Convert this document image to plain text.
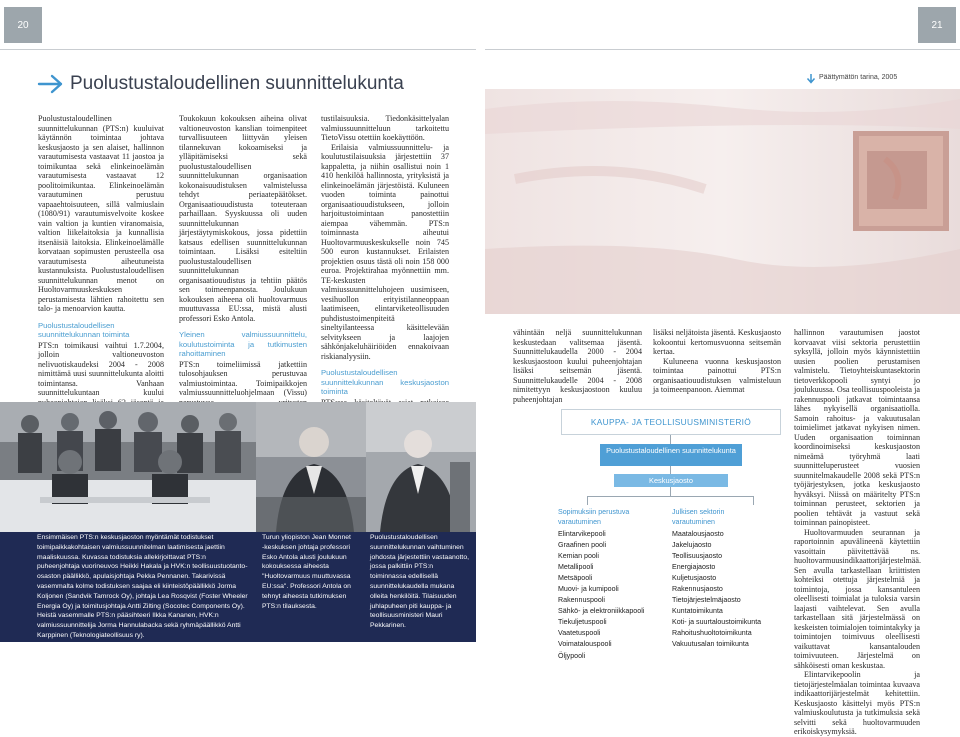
20	21
Puolustustaloudellinen suunnittelukunta	Päättymätön tarina, 2005

Puolustustaloudellinen suunnittelukunnan (PTS:n) kuuluivat käytännön toimintaa johtava keskusjaosto ja sen alaiset, hallinnon varautumisesta vastaavat 11 jaostoa ja toimikuntaa sekä elinkeinoelämän varautumisesta vastaavat 12 poolitoimikuntaa. Elinkeinoelämän varautuminen perustuu vapaaehtoisuuteen, sillä valmiuslain (1080/91) varautumisvelvoite koskee vain valtion ja kuntien viranomaisia, valtion liikelaitoksia ja kunnallisia itsenäisiä laitoksia. Elinkeinoelämälle korvataan sopimusten perusteella osa varautumisesta aiheutuneista kustannuksista. Puolustustaloudellisen suunnittelukunnan menot on Huoltovarmuuskeskuksen perustamisesta lähtien rahoitettu sen talo- ja menoarvion kautta.

Puolustustaloudellisen suunnittelukunnan toiminta

PTS:n toimikausi vaihtui 1.7.2004, jolloin valtioneuvoston nelivuotiskaudeksi 2004 - 2008 nimittämä uusi suunnittelukunta aloitti toimintansa. Vanhaan suunnittelukuntaan kuului

Toukokuun kokouksen aiheina olivat valtioneuvoston kanslian toimenpiteet turvallisuuteen liittyvän yleisen tilannekuvan kokoamiseksi ja ylläpitämiseksi sekä puolustustaloudellisen suunnittelukunnan organisaation kokonaisuudistuksen valmistelussa tehdyt periaatepäätökset. Organisaatiouudistusta toteuteraan parhaillaan. Syyskuussa oli uuden suunnittelukunnan järjestäytymiskokous, jossa pidettiin katsaus edellisen suunnittelukunnan toimintaan. Lisäksi esiteltiin puolustustaloudellisen suunnittelukunnan organisaatiouudistus ja tehtiin päätös sen toimeenpanosta. Joulukuun kokouksen aiheena oli huoltovarmuus muuttuvassa EU:ssa, mistä alusti professori Esko Antola.

Yleinen valmiussuunnittelu, koulutustoiminta ja tutkimusten rahoittaminen

PTS:n toimeliimissä jatkettiin tulosohjauksen perustuvaa valmiustoimintaa. Toimipaikkojen valmiussuunnitteluohjelmaan (Vissu)

tustilaisuuksia. Tiedonkäsittelyalan valmiussuunnitteluun tarkoitettu TietoVissu otettiin koekäyttöön.

Erilaisia valmiussuunnittelu- ja koulutustilaisuuksia järjestettiin 37 kappaletta, ja niihin osallistui noin 1 410 henkilöä hallinnosta, yrityksistä ja elinkeinoelämän järjestöistä. Kuluneen vuoden toiminta painottui organisaatiouudistukseen, jolloin harjoitustoimintaan panostettiin aiempaa vähemmän. PTS:n toiminnasta aiheutui Huoltovarmuuskeskukselle noin 745 500 euron kustannukset. Erilaisten projektien osuus tästä oli noin 158 000 euroa. Projektirahaa myönnettiin mm. TE-keskusten valmiussuunnitteluhojeen uusimiseen, vesihuollon erityistilanneoppaan laatimiseen, elintarviketeollisuuden puhdistustoimenpiteitä sineltyilanteessa käsittelevään selvitykseen ja laajojen sähkönjakeluhäiriöiden ennakoivaan riskianalyysiin.

Puolustustaloudellisen suunnittelukunnan keskusjaoston toiminta

vähintään neljä suunnittelukunnan keskustedaan valitsemaa jäsentä. Suunnittelukaudella 2000 - 2004 keskusjaostoon kuului puheenjohtajan lisäksi seitsemän jäsentä. Suunnittelukaudelle 2004 - 2008 nimitettyyn keskusjaostoon kuuluu puheenjohtajan

lisäksi neljätoista jäsentä. Keskusjaosto kokoontui kertomusvuonna seitsemän kertaa.

Kuluneena vuonna keskusjaoston toimintaa painottui PTS:n organisaatiouudistuksen valmisteluun ja toimeenpanoon. Aiemmat

hallinnon varautumisen jaostot korvaavat viisi sektoria perustettiin syksyllä, jolloin myös käynnistettiin uusien poolien perustamisen valmistelu. Tietoyhteiskuntasektorin tietoverkkopooli syntyi jo joulukuussa. Osa teollisuuspooleista ja rakennuspooli jatkavat toimintaansa lähes nykyisellä organisaatiolla. Samoin rahoitus- ja vakuutusalan toimielimet jatkavat nykyisen nimen. Uuden organisaation toiminnan koordinoimiseksi keskusjaoston nimeämä työryhmä laati suunnitteluperusteet vuosien suunnitelmakaudelle 2008 sekä PTS:n työjärjestyksen, jotka keskusjaosto hyväksyi. Niissä on määritelty PTS:n toiminnan perusteet, sektorien ja poolien tehtävät ja vastuut sekä toiminnan painopisteet.

Huoltovarmuuden seurannan ja raportoinnin apuvälineenä käytettiin vasoittain päivitettävää ns. huoltovarmuusindikaattorijärjestelmää. Sen avulla tarkastellaan kriittisten kohteiksi otettuja järjestelmiä ja toimintoja, jossa kansantuleen oleellisesti toimialat ja tuloksia varsin laajasti vaihtelevat. Sen avulla tarkastellaan sitä järjestelmässä on keskeisten toimialojen toimintakyky ja toimintojen toimivuus oleellisesti vaikuttavat kansantalouden toimivuuteen. Järjestelmä on sähköisesti oman keskustaa.

Elintarvikepoolin ja tietojärjestelmäalan toimintaa kuvaava indikaattorijärjestelmät kehitettiin. Keskusjaosto käsittelyi myös PTS:n valmiuskoulutusta ja tutkimuksia sekä selvitti sekä huoltovarmuuden erikoiskysymyksiä.

Ensimmäisen PTS:n keskusjaoston myöntämät todistukset toimipaikkakohtaisen valmiussuunnitelman laatimisesta jaettiin maaliskuussa. Kuvassa todistuksia allekirjoittavat PTS:n puheenjohtaja vuorineuvos Heikki Hakala ja HVK:n teollisuustuotanto-osaston päällikkö, apulaisjohtaja Pekka Pennanen. Takarivissä vasemmalta kolme todistuksen saajaa eli kiinteistöpäällikkö Jorma Koljonen (Sandvik Tamrock Oy), johtaja Lea Rosqvist (Foster Wheeler Energia Oy) ja toimitusjohtaja Antti Zilting (Socotec Components Oy). Heistä vasemmalle PTS:n pääsihteeri Ilkka Kananen, HVK:n valmiussuunnittelija Jorma Hannulabacka sekä ryhmäpäällikkö Antti Karppinen (Teknologiateollisuus ry).
Turun yliopiston Jean Monnet -keskuksen johtaja professori Esko Antola alusti joulukuun kokouksessa aiheesta "Huoltovarmuus muuttuvassa EU:ssa". Professori Antola on tehnyt aiheesta tutkimuksen PTS:n tilauksesta.
Puolustustaloudellisen suunnittelukunnan vaihtuminen johdosta järjestettiin vastaanotto, jossa palkittiin PTS:n toiminnassa edellisellä suunnittelukaudella mukana olleita henkilöitä. Tilaisuuden juhlapuheen piti kauppa- ja teollisuusministeri Mauri Pekkarinen.
KAUPPA- JA TEOLLISUUSMINISTERIÖ
Puolustustaloudellinen suunnittelukunta
Keskusjaosto
Sopimuksiin perustuva varautuminen
Julkisen sektorin varautuminen
Elintarvikepooli
Graafinen pooli
Kemian pooli
Metallipooli
Metsäpooli
Muovi- ja kumipooli
Rakennuspooli
Sähkö- ja elektroniikkapooli
Tiekuljetuspooli
Vaatetuspooli
Voimatalouspooli
Öljypooli
Maatalousjaosto
Jakelujaosto
Teollisuusjaosto
Energiajaosto
Kuljetusjaosto
Rakennusjaosto
Tietojärjestelmäjaosto
Kuntatoimikunta
Koti- ja suurtaloustoimikunta
Rahoitushuoltotoimikunta
Vakuutusalan toimikunta
